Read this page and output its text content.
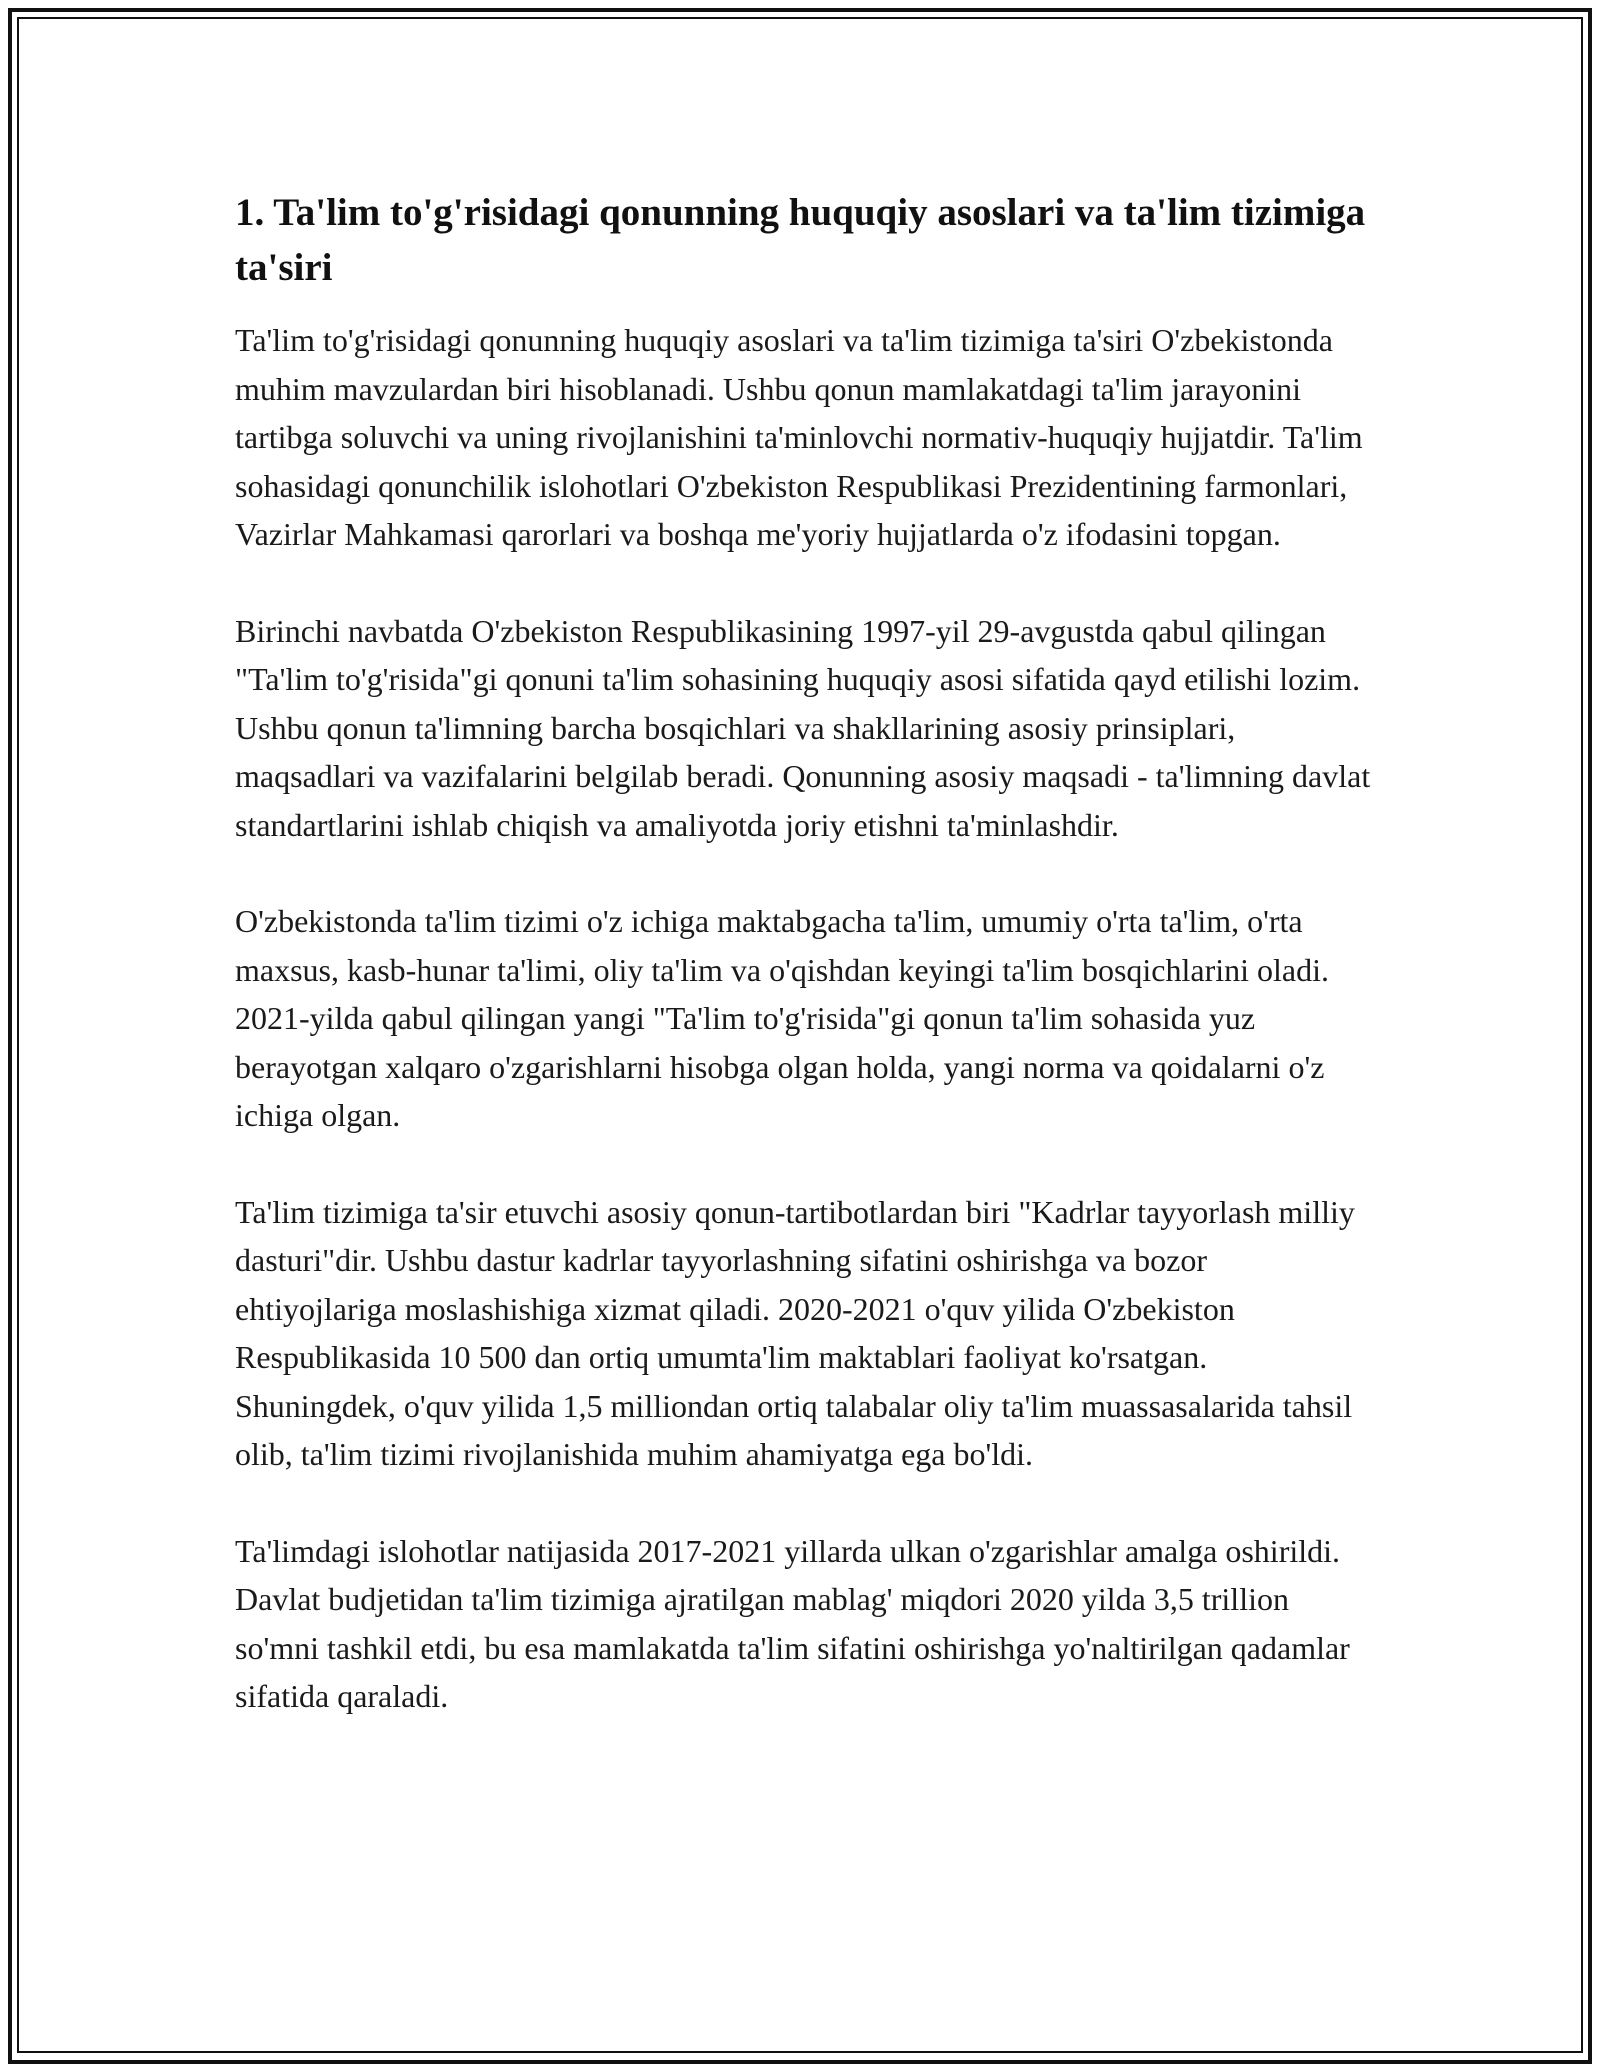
1. Ta'lim to'g'risidagi qonunning huquqiy asoslari va ta'lim tizimiga ta'siri

Ta'lim to'g'risidagi qonunning huquqiy asoslari va ta'lim tizimiga ta'siri O'zbekistonda muhim mavzulardan biri hisoblanadi. Ushbu qonun mamlakatdagi ta'lim jarayonini tartibga soluvchi va uning rivojlanishini ta'minlovchi normativ-huquqiy hujjatdir. Ta'lim sohasidagi qonunchilik islohotlari O'zbekiston Respublikasi Prezidentining farmonlari, Vazirlar Mahkamasi qarorlari va boshqa me'yoriy hujjatlarda o'z ifodasini topgan.

Birinchi navbatda O'zbekiston Respublikasining 1997-yil 29-avgustda qabul qilingan "Ta'lim to'g'risida"gi qonuni ta'lim sohasining huquqiy asosi sifatida qayd etilishi lozim. Ushbu qonun ta'limning barcha bosqichlari va shakllarining asosiy prinsiplari, maqsadlari va vazifalarini belgilab beradi. Qonunning asosiy maqsadi - ta'limning davlat standartlarini ishlab chiqish va amaliyotda joriy etishni ta'minlashdir.

O'zbekistonda ta'lim tizimi o'z ichiga maktabgacha ta'lim, umumiy o'rta ta'lim, o'rta maxsus, kasb-hunar ta'limi, oliy ta'lim va o'qishdan keyingi ta'lim bosqichlarini oladi. 2021-yilda qabul qilingan yangi "Ta'lim to'g'risida"gi qonun ta'lim sohasida yuz berayotgan xalqaro o'zgarishlarni hisobga olgan holda, yangi norma va qoidalarni o'z ichiga olgan.

Ta'lim tizimiga ta'sir etuvchi asosiy qonun-tartibotlardan biri "Kadrlar tayyorlash milliy dasturi"dir. Ushbu dastur kadrlar tayyorlashning sifatini oshirishga va bozor ehtiyojlariga moslashishiga xizmat qiladi. 2020-2021 o'quv yilida O'zbekiston Respublikasida 10 500 dan ortiq umumta'lim maktablari faoliyat ko'rsatgan. Shuningdek, o'quv yilida 1,5 milliondan ortiq talabalar oliy ta'lim muassasalarida tahsil olib, ta'lim tizimi rivojlanishida muhim ahamiyatga ega bo'ldi.

Ta'limdagi islohotlar natijasida 2017-2021 yillarda ulkan o'zgarishlar amalga oshirildi. Davlat budjetidan ta'lim tizimiga ajratilgan mablag' miqdori 2020 yilda 3,5 trillion so'mni tashkil etdi, bu esa mamlakatda ta'lim sifatini oshirishga yo'naltirilgan qadamlar sifatida qaraladi.
